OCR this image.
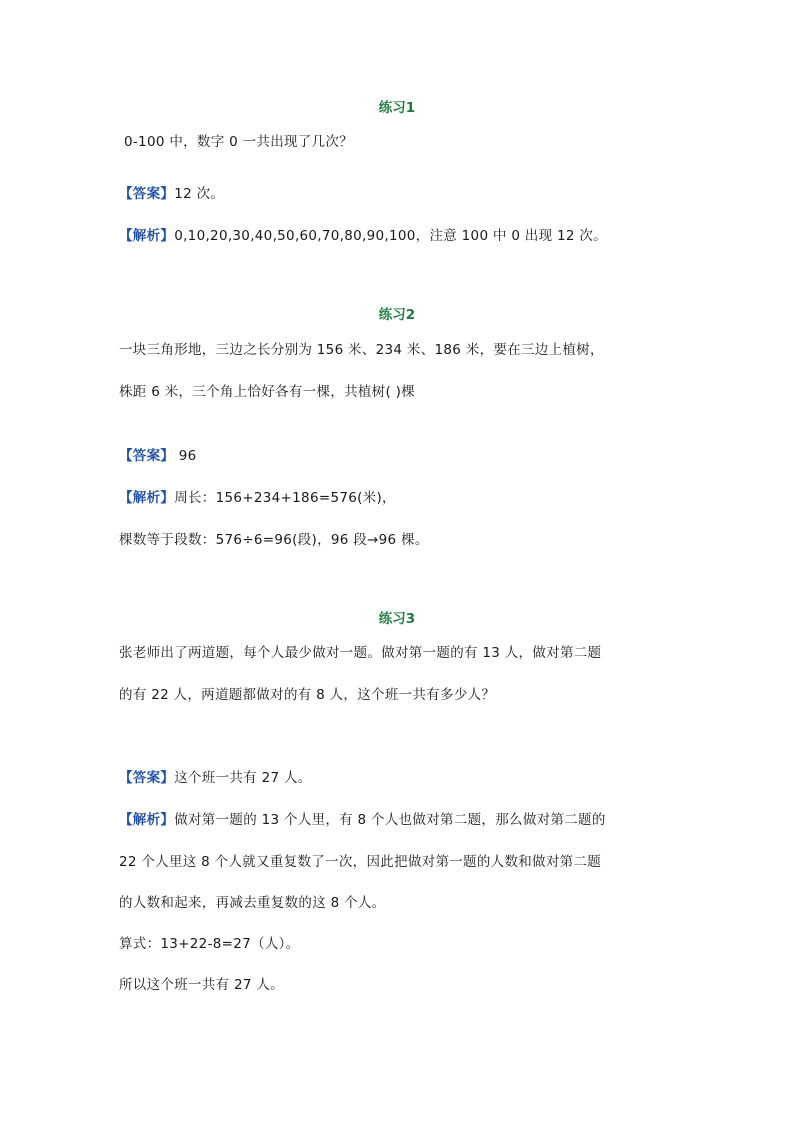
练习1
0-100 中，数字 0 一共出现了几次？
【答案】12 次。
【解析】0,10,20,30,40,50,60,70,80,90,100，注意 100 中 0 出现 12 次。
练习2
一块三角形地，三边之长分别为 156 米、234 米、186 米，要在三边上植树，
株距 6 米，三个角上恰好各有一棵，共植树( )棵
【答案】 96
【解析】周长：156+234+186=576(米)，
棵数等于段数：576÷6=96(段)，96 段→96 棵。
练习3
张老师出了两道题，每个人最少做对一题。做对第一题的有 13 人，做对第二题
的有 22 人，两道题都做对的有 8 人，这个班一共有多少人？
【答案】这个班一共有 27 人。
【解析】做对第一题的 13 个人里，有 8 个人也做对第二题，那么做对第二题的
22 个人里这 8 个人就又重复数了一次，因此把做对第一题的人数和做对第二题
的人数和起来，再减去重复数的这 8 个人。
算式：13+22-8=27（人）。
所以这个班一共有 27 人。
